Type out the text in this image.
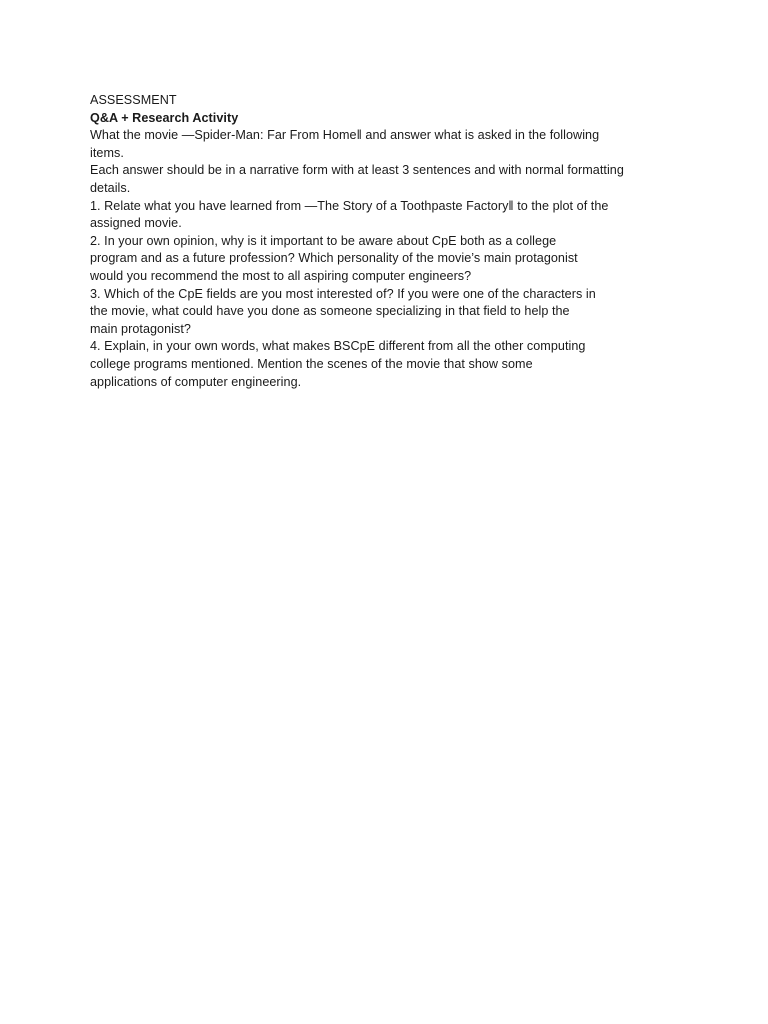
ASSESSMENT
Q&A + Research Activity
What the movie —Spider-Man: Far From Home‖ and answer what is asked in the following
items.
Each answer should be in a narrative form with at least 3 sentences and with normal formatting
details.
1. Relate what you have learned from —The Story of a Toothpaste Factory‖ to the plot of the
assigned movie.
2. In your own opinion, why is it important to be aware about CpE both as a college
program and as a future profession? Which personality of the movie’s main protagonist
would you recommend the most to all aspiring computer engineers?
3. Which of the CpE fields are you most interested of? If you were one of the characters in
the movie, what could have you done as someone specializing in that field to help the
main protagonist?
4. Explain, in your own words, what makes BSCpE different from all the other computing
college programs mentioned. Mention the scenes of the movie that show some
applications of computer engineering.
